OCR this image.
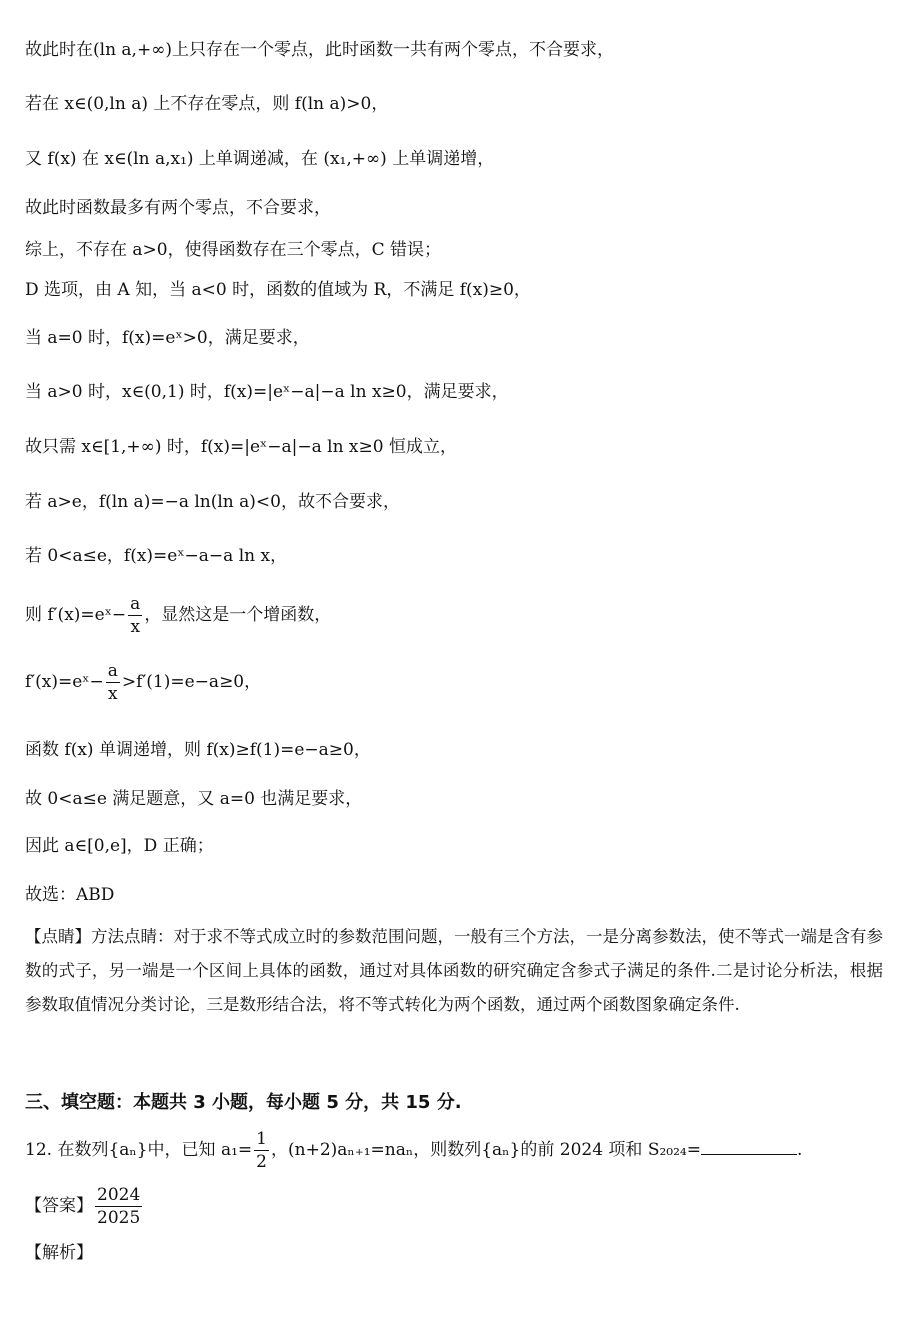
故此时在(ln a,+∞)上只存在一个零点，此时函数一共有两个零点，不合要求，
若在 x∈(0,ln a) 上不存在零点，则 f(ln a)>0，
又 f(x) 在 x∈(ln a,x₁) 上单调递减，在 (x₁,+∞) 上单调递增，
故此时函数最多有两个零点，不合要求，
综上，不存在 a>0，使得函数存在三个零点，C 错误；
D 选项，由 A 知，当 a<0 时，函数的值域为 R，不满足 f(x)≥0，
当 a=0 时，f(x)=eˣ>0，满足要求，
当 a>0 时，x∈(0,1) 时，f(x)=|eˣ−a|−a ln x≥0，满足要求，
故只需 x∈[1,+∞) 时，f(x)=|eˣ−a|−a ln x≥0 恒成立，
若 a>e，f(ln a)=−a ln(ln a)<0，故不合要求，
若 0<a≤e，f(x)=eˣ−a−a ln x，
则 f′(x)=eˣ− $\frac{a}{x}$ ，显然这是一个增函数，
f′(x)=eˣ− $\frac{a}{x} >f'(1)=e-a\ge 0$，
函数 f(x) 单调递增，则 f(x)≥f(1)=e−a≥0，
故 0<a≤e 满足题意，又 a=0 也满足要求，
因此 a∈[0,e]，D 正确；
故选：ABD
【点睛】方法点睛：对于求不等式成立时的参数范围问题，一般有三个方法，一是分离参数法，使不等式一端是含有参数的式子，另一端是一个区间上具体的函数，通过对具体函数的研究确定含参式子满足的条件.二是讨论分析法，根据参数取值情况分类讨论，三是数形结合法，将不等式转化为两个函数，通过两个函数图象确定条件.
三、填空题：本题共 3 小题，每小题 5 分，共 15 分.
12. 在数列{aₙ}中，已知 $a_1= \frac{1}{2}$ ，(n+2)aₙ₊₁=naₙ，则数列{aₙ}的前 2024 项和 S₂₀₂₄=	.
【答案】 $\frac{2024}{2025}$
【解析】
